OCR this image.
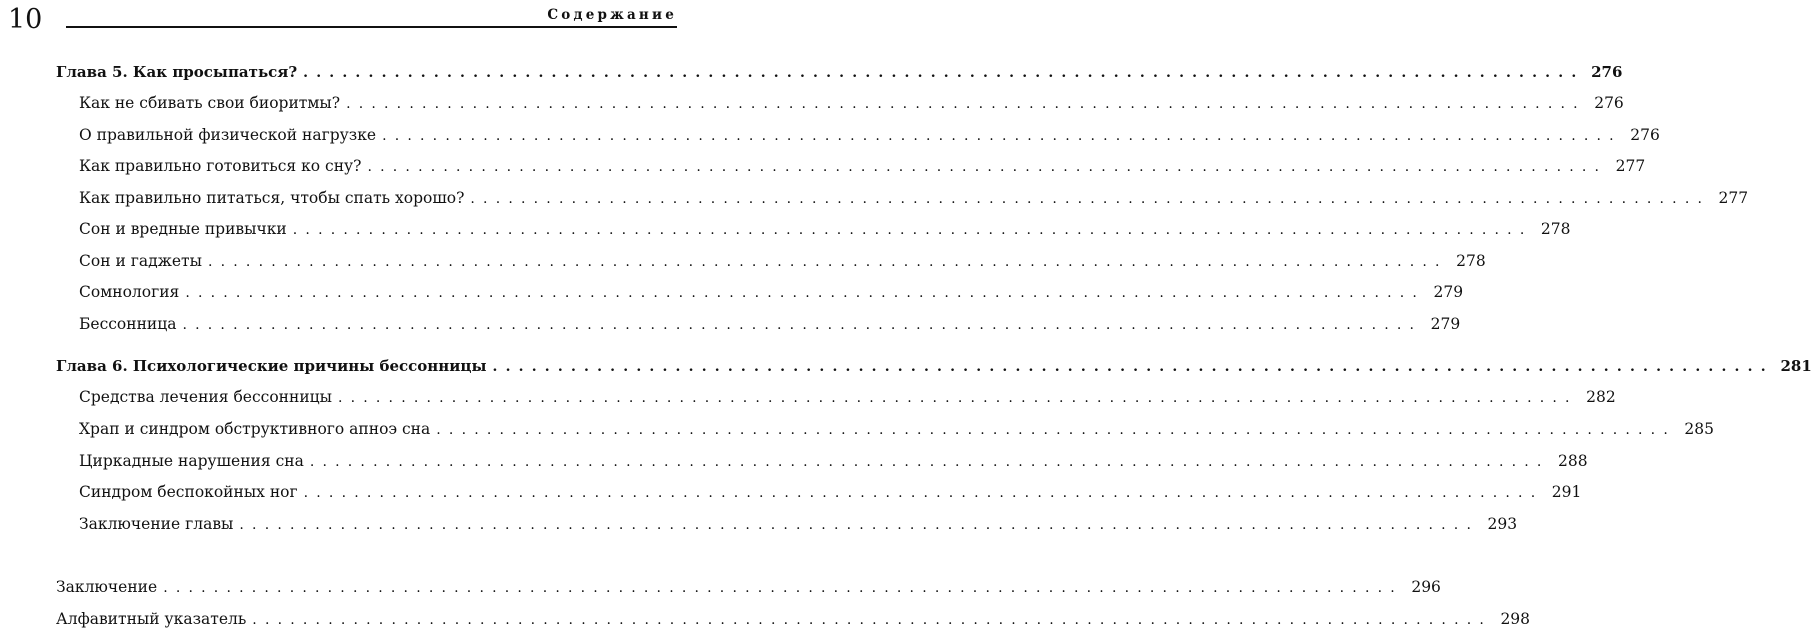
10	Содержание
Глава 5. Как просыпаться? .................................................................................................. 276
Как не сбивать свои биоритмы? .................................................................................................. 276
О правильной физической нагрузке .................................................................................................. 276
Как правильно готовиться ко сну? .................................................................................................. 277
Как правильно питаться, чтобы спать хорошо? .................................................................................................. 277
Сон и вредные привычки .................................................................................................. 278
Сон и гаджеты .................................................................................................. 278
Сомнология .................................................................................................. 279
Бессонница .................................................................................................. 279
Глава 6. Психологические причины бессонницы .................................................................................................. 281
Средства лечения бессонницы .................................................................................................. 282
Храп и синдром обструктивного апноэ сна .................................................................................................. 285
Циркадные нарушения сна .................................................................................................. 288
Синдром беспокойных ног .................................................................................................. 291
Заключение главы .................................................................................................. 293
Заключение .................................................................................................. 296
Алфавитный указатель .................................................................................................. 298
